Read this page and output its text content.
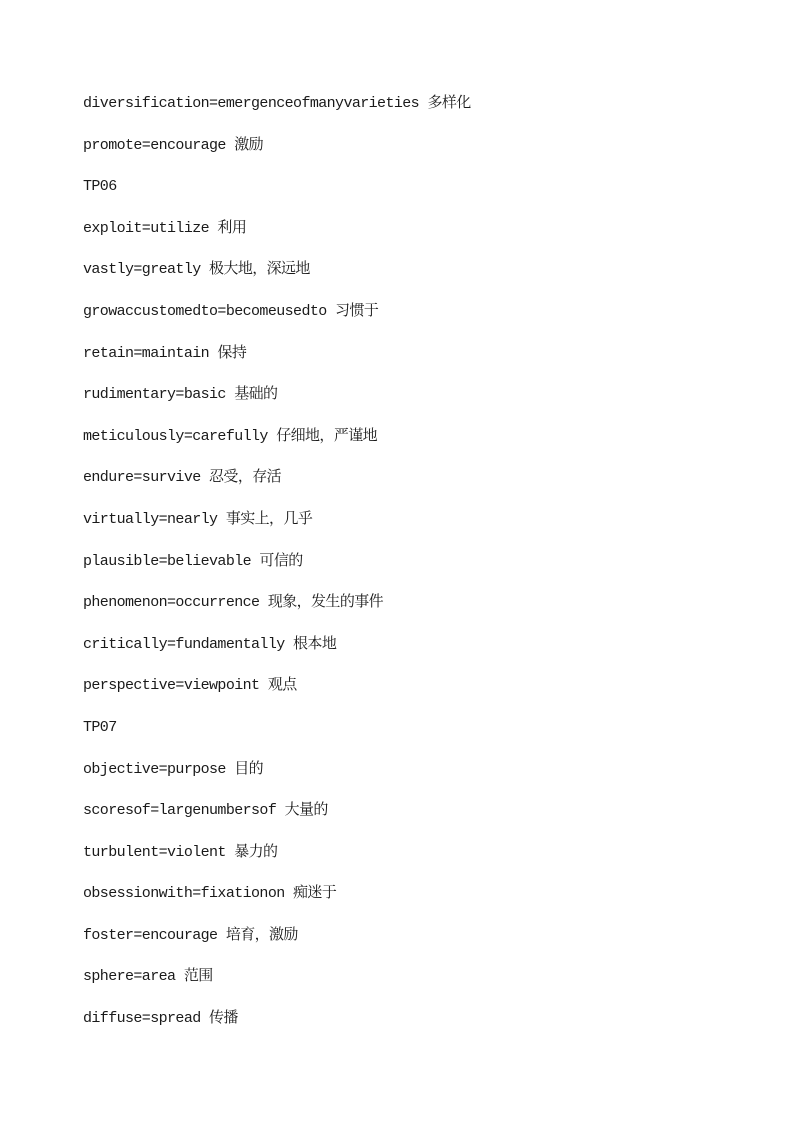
diversification=emergenceofmanyvarieties 多样化
promote=encourage 激励
TP06
exploit=utilize 利用
vastly=greatly 极大地，深远地
growaccustomedto=becomeusedto 习惯于
retain=maintain 保持
rudimentary=basic 基础的
meticulously=carefully 仔细地，严谨地
endure=survive 忍受，存活
virtually=nearly 事实上，几乎
plausible=believable 可信的
phenomenon=occurrence 现象，发生的事件
critically=fundamentally 根本地
perspective=viewpoint 观点
TP07
objective=purpose 目的
scoresof=largenumbersof 大量的
turbulent=violent 暴力的
obsessionwith=fixationon 痴迷于
foster=encourage 培育，激励
sphere=area 范围
diffuse=spread 传播
